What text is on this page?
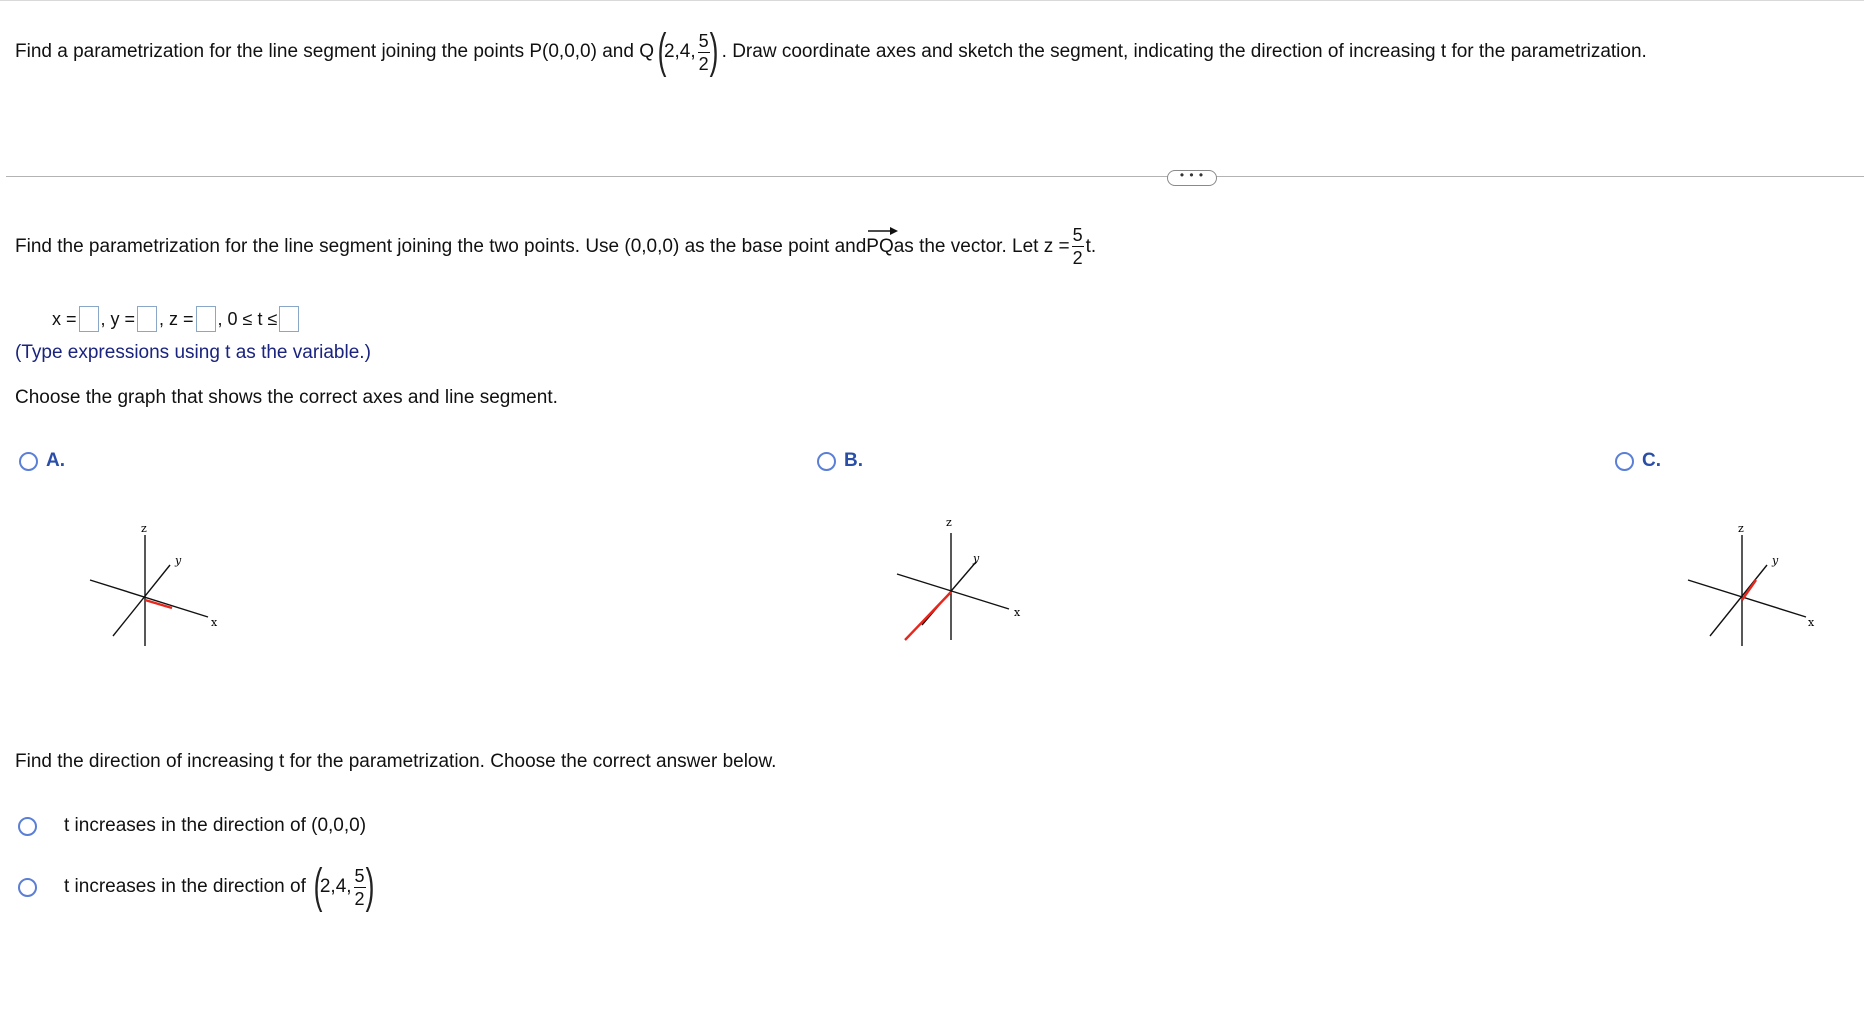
Find a parametrization for the line segment joining the points P(0,0,0) and Q (
2,4, $\frac{5}{2}$ ) . Draw coordinate axes and sketch the segment, indicating the direction of increasing t for the parametrization.
• • •
Find the parametrization for the line segment joining the two points. Use (0,0,0) as the base point and PQ as the vector. Let $z = \frac{5}{2} t$.
x = , y = , z = , 0 ≤ t ≤
(Type expressions using t as the variable.)
Choose the graph that shows the correct axes and line segment.
A.	B.	C.
z
y
x
z
y
x
z
y
x
Find the direction of increasing t for the parametrization. Choose the correct answer below.
t increases in the direction of (0,0,0)
t increases in the direction of (
2,4, $\frac{5}{2}$ )
